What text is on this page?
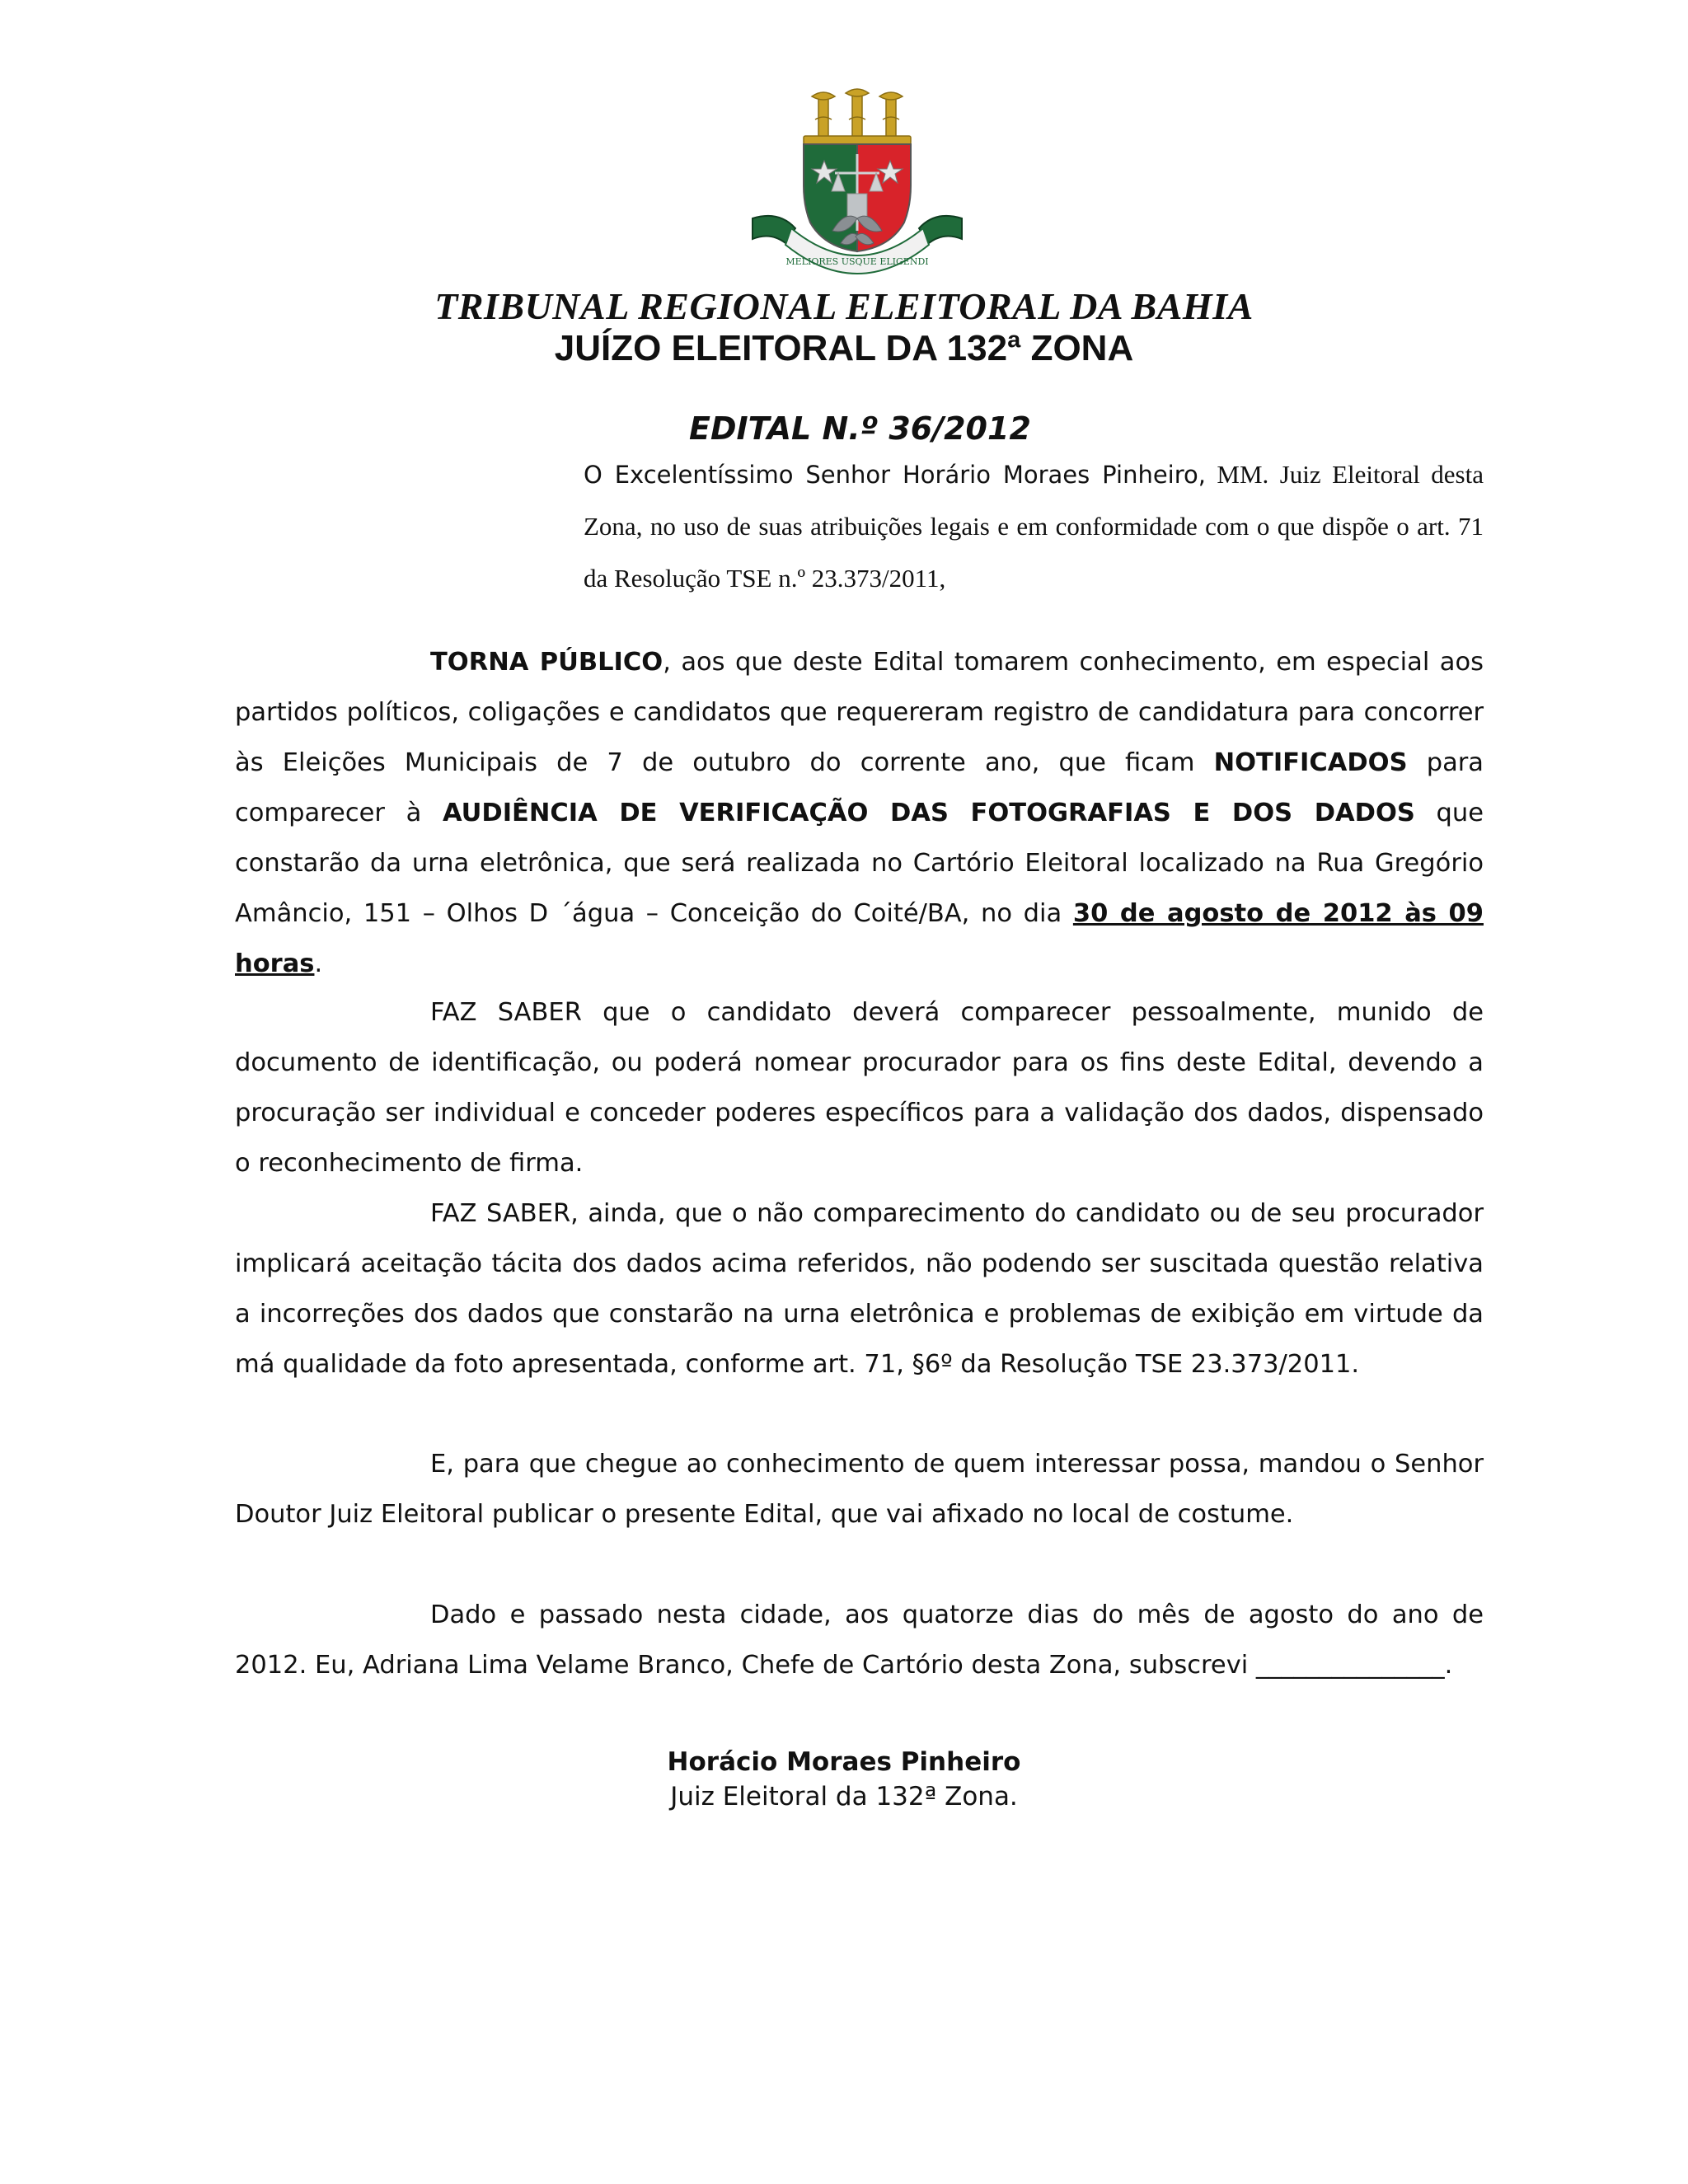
MELIORES USQUE ELIGENDI
TRIBUNAL REGIONAL ELEITORAL DA BAHIA
JUÍZO ELEITORAL DA 132ª ZONA
EDITAL N.º 36/2012
O Excelentíssimo Senhor Horário Moraes Pinheiro, MM. Juiz Eleitoral desta Zona, no uso de suas atribuições legais e em conformidade com o que dispõe o art. 71 da Resolução TSE n.º 23.373/2011,

TORNA PÚBLICO, aos que deste Edital tomarem conhecimento, em especial aos partidos políticos, coligações e candidatos que requereram registro de candidatura para concorrer às Eleições Municipais de 7 de outubro do corrente ano, que ficam NOTIFICADOS para comparecer à AUDIÊNCIA DE VERIFICAÇÃO DAS FOTOGRAFIAS E DOS DADOS que constarão da urna eletrônica, que será realizada no Cartório Eleitoral localizado na Rua Gregório Amâncio, 151 – Olhos D ´água – Conceição do Coité/BA, no dia 30 de agosto de 2012 às 09 horas.

FAZ SABER que o candidato deverá comparecer pessoalmente, munido de documento de identificação, ou poderá nomear procurador para os fins deste Edital, devendo a procuração ser individual e conceder poderes específicos para a validação dos dados, dispensado o reconhecimento de firma.

FAZ SABER, ainda, que o não comparecimento do candidato ou de seu procurador implicará aceitação tácita dos dados acima referidos, não podendo ser suscitada questão relativa a incorreções dos dados que constarão na urna eletrônica e problemas de exibição em virtude da má qualidade da foto apresentada, conforme art. 71, §6º da Resolução TSE 23.373/2011.

E, para que chegue ao conhecimento de quem interessar possa, mandou o Senhor Doutor Juiz Eleitoral publicar o presente Edital, que vai afixado no local de costume.

Dado e passado nesta cidade, aos quatorze dias do mês de agosto do ano de 2012. Eu, Adriana Lima Velame Branco, Chefe de Cartório desta Zona, subscrevi _______________.

Horácio Moraes Pinheiro
Juiz Eleitoral da 132ª Zona.
